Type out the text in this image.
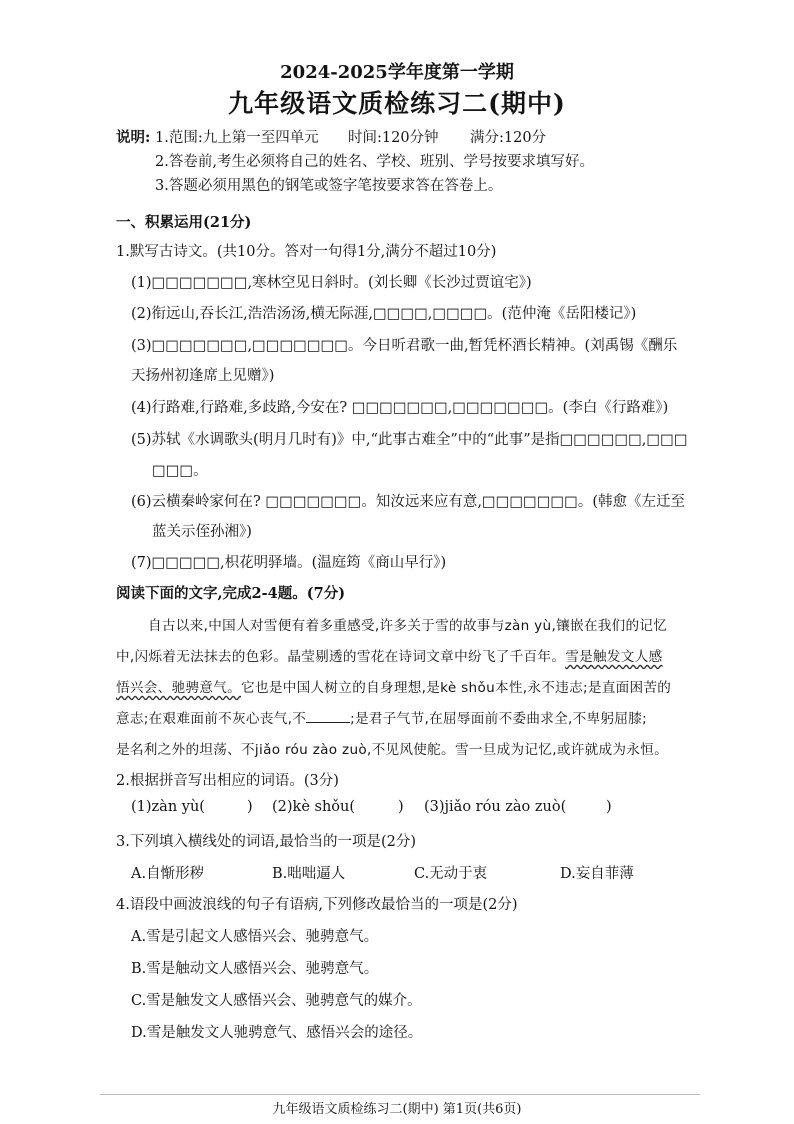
2024-2025学年度第一学期
九年级语文质检练习二(期中)
说明: 1.范围:九上第一至四单元 时间:120分钟 满分:120分
2.答卷前,考生必须将自己的姓名、学校、班别、学号按要求填写好。
3.答题必须用黑色的钢笔或签字笔按要求答在答卷上。
一、积累运用(21分)
1.默写古诗文。(共10分。答对一句得1分,满分不超过10分)
(1)□□□□□□□,寒林空见日斜时。(刘长卿《长沙过贾谊宅》)
(2)衔远山,吞长江,浩浩汤汤,横无际涯,□□□□,□□□□。(范仲淹《岳阳楼记》)
(3)□□□□□□□,□□□□□□□。今日听君歌一曲,暂凭杯酒长精神。(刘禹锡《酬乐
天扬州初逢席上见赠》)
(4)行路难,行路难,多歧路,今安在? □□□□□□□,□□□□□□□。(李白《行路难》)
(5)苏轼《水调歌头(明月几时有)》中,“此事古难全”中的“此事”是指□□□□□□,□□□
□□□。
(6)云横秦岭家何在? □□□□□□□。知汝远来应有意,□□□□□□□。(韩愈《左迁至
蓝关示侄孙湘》)
(7)□□□□□,枳花明驿墙。(温庭筠《商山早行》)
阅读下面的文字,完成2-4题。(7分)
自古以来,中国人对雪便有着多重感受,许多关于雪的故事与zàn yù,镶嵌在我们的记忆
中,闪烁着无法抹去的色彩。晶莹剔透的雪花在诗词文章中纷飞了千百年。雪是触发文人感
悟兴会、驰骋意气。它也是中国人树立的自身理想,是kè shǒu本性,永不违志;是直面困苦的
意志;在艰难面前不灰心丧气,不	;是君子气节,在屈辱面前不委曲求全,不卑躬屈膝;
是名利之外的坦荡、不jiǎo róu zào zuò,不见风使舵。雪一旦成为记忆,或许就成为永恒。
2.根据拼音写出相应的词语。(3分)
(1)zàn yù(	) (2)kè shǒu(	) (3)jiǎo róu zào zuò(	)
3.下列填入横线处的词语,最恰当的一项是(2分)
A.自惭形秽	B.咄咄逼人	C.无动于衷	D.妄自菲薄
4.语段中画波浪线的句子有语病,下列修改最恰当的一项是(2分)
A.雪是引起文人感悟兴会、驰骋意气。
B.雪是触动文人感悟兴会、驰骋意气。
C.雪是触发文人感悟兴会、驰骋意气的媒介。
D.雪是触发文人驰骋意气、感悟兴会的途径。
九年级语文质检练习二(期中) 第1页(共6页)
